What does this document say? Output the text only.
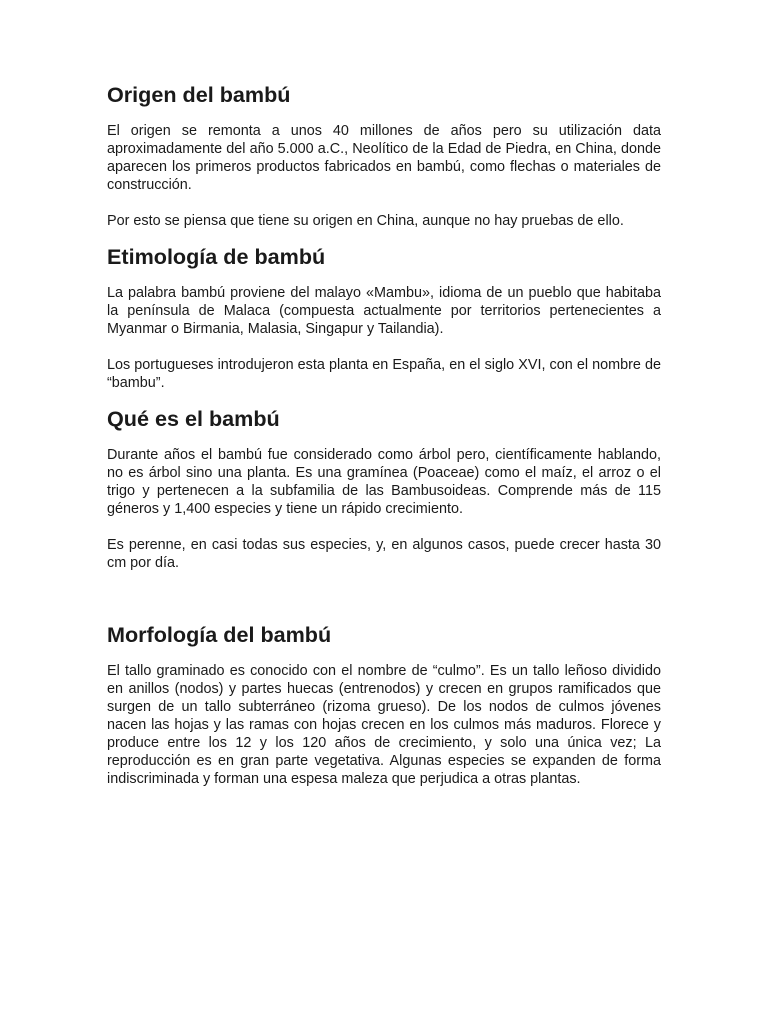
Origen del bambú

El origen se remonta a unos 40 millones de años pero su utilización data aproximadamente del año 5.000 a.C., Neolítico de la Edad de Piedra, en China, donde aparecen los primeros productos fabricados en bambú, como flechas o materiales de construcción.

Por esto se piensa que tiene su origen en China, aunque no hay pruebas de ello.

Etimología de bambú

La palabra bambú proviene del malayo «Mambu», idioma de un pueblo que habitaba la península de Malaca (compuesta actualmente por territorios pertenecientes a Myanmar o Birmania, Malasia, Singapur y Tailandia).

Los portugueses introdujeron esta planta en España, en el siglo XVI, con el nombre de “bambu”.

Qué es el bambú

Durante años el bambú fue considerado como árbol pero, científicamente hablando, no es árbol sino una planta. Es una gramínea (Poaceae) como el maíz, el arroz o el trigo y pertenecen a la subfamilia de las Bambusoideas. Comprende más de 115 géneros y 1,400 especies y tiene un rápido crecimiento.

Es perenne, en casi todas sus especies, y, en algunos casos, puede crecer hasta 30 cm por día.

Morfología del bambú

El tallo graminado es conocido con el nombre de “culmo”. Es un tallo leñoso dividido en anillos (nodos) y partes huecas (entrenodos) y crecen en grupos ramificados que surgen de un tallo subterráneo (rizoma grueso). De los nodos de culmos jóvenes nacen las hojas y las ramas con hojas crecen en los culmos más maduros. Florece y produce entre los 12 y los 120 años de crecimiento, y solo una única vez; La reproducción es en gran parte vegetativa. Algunas especies se expanden de forma indiscriminada y forman una espesa maleza que perjudica a otras plantas.
